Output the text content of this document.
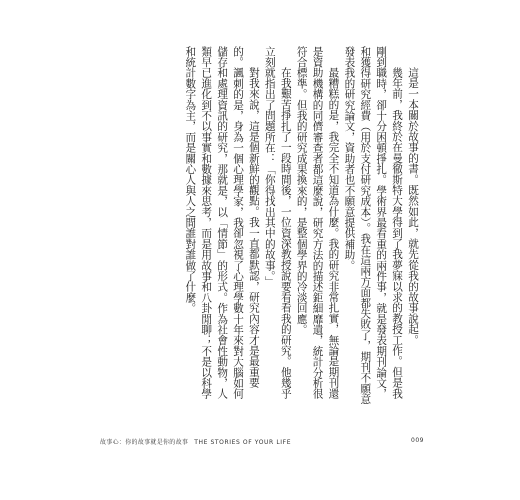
這是一本關於故事的書。既然如此，就先從我的故事說起。

幾年前，我終於在曼徹斯特大學得到了我夢寐以求的教授工作。但是我剛到職時，卻十分困頓掙扎。學術界最看重的兩件事，就是發表期刊論文，和獲得研究經費（用於支付研究成本）。我在這兩方面都失敗了，期刊不願意發表我的研究論文，資助者也不願意提供補助。

最糟糕的是，我完全不知道為什麼。我的研究非常扎實，無論是期刊還是資助機構的同儕審查者都這麼說，研究方法的描述鉅細靡遺，統計分析很符合標準。但我的研究成果換來的，是整個學界的冷淡回應。

在我艱苦掙扎了一段時間後，一位資深教授說要看看我的研究。他幾乎立刻就指出了問題所在：「你得找出其中的故事。」

對我來說，這是個新鮮的觀點。我一直都默認，研究內容才是最重要的。諷刺的是，身為一個心理學家，我卻忽視了心理學數十年來對大腦如何儲存和處理資訊的研究，那就是，以「情節」的形式。作為社會性動物，人類早已進化到不以事實和數據來思考，而是用故事和八卦閒聊；不是以科學和統計數字為主，而是關心人與人之間誰對誰做了什麼。

故事心：你的故事就是你的故事 THE STORIES OF YOUR LIFE	009
